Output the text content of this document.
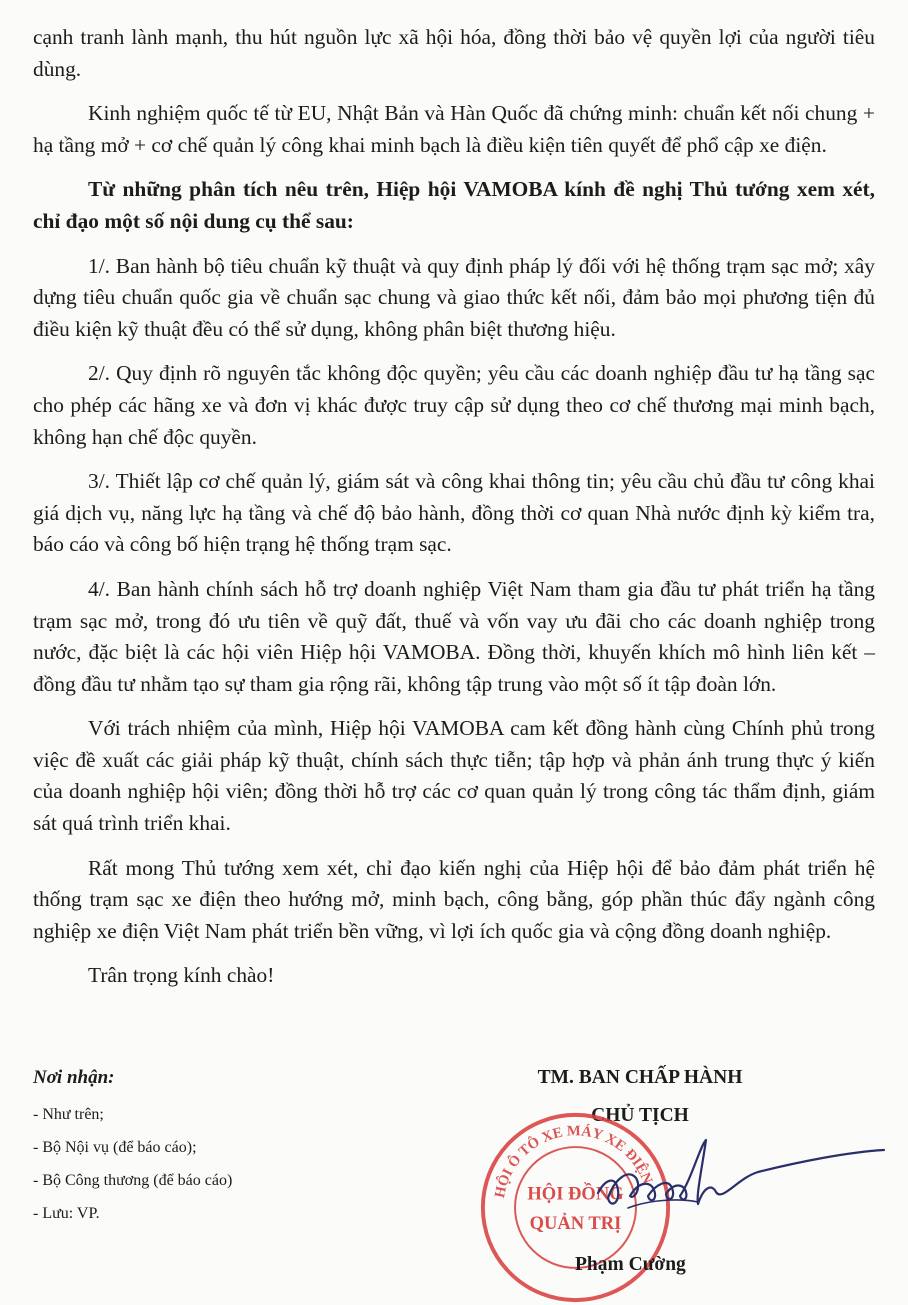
cạnh tranh lành mạnh, thu hút nguồn lực xã hội hóa, đồng thời bảo vệ quyền lợi của người tiêu dùng.

Kinh nghiệm quốc tế từ EU, Nhật Bản và Hàn Quốc đã chứng minh: chuẩn kết nối chung + hạ tầng mở + cơ chế quản lý công khai minh bạch là điều kiện tiên quyết để phổ cập xe điện.

Từ những phân tích nêu trên, Hiệp hội VAMOBA kính đề nghị Thủ tướng xem xét, chỉ đạo một số nội dung cụ thể sau:

1/. Ban hành bộ tiêu chuẩn kỹ thuật và quy định pháp lý đối với hệ thống trạm sạc mở; xây dựng tiêu chuẩn quốc gia về chuẩn sạc chung và giao thức kết nối, đảm bảo mọi phương tiện đủ điều kiện kỹ thuật đều có thể sử dụng, không phân biệt thương hiệu.

2/. Quy định rõ nguyên tắc không độc quyền; yêu cầu các doanh nghiệp đầu tư hạ tầng sạc cho phép các hãng xe và đơn vị khác được truy cập sử dụng theo cơ chế thương mại minh bạch, không hạn chế độc quyền.

3/. Thiết lập cơ chế quản lý, giám sát và công khai thông tin; yêu cầu chủ đầu tư công khai giá dịch vụ, năng lực hạ tầng và chế độ bảo hành, đồng thời cơ quan Nhà nước định kỳ kiểm tra, báo cáo và công bố hiện trạng hệ thống trạm sạc.

4/. Ban hành chính sách hỗ trợ doanh nghiệp Việt Nam tham gia đầu tư phát triển hạ tầng trạm sạc mở, trong đó ưu tiên về quỹ đất, thuế và vốn vay ưu đãi cho các doanh nghiệp trong nước, đặc biệt là các hội viên Hiệp hội VAMOBA. Đồng thời, khuyến khích mô hình liên kết – đồng đầu tư nhằm tạo sự tham gia rộng rãi, không tập trung vào một số ít tập đoàn lớn.

Với trách nhiệm của mình, Hiệp hội VAMOBA cam kết đồng hành cùng Chính phủ trong việc đề xuất các giải pháp kỹ thuật, chính sách thực tiễn; tập hợp và phản ánh trung thực ý kiến của doanh nghiệp hội viên; đồng thời hỗ trợ các cơ quan quản lý trong công tác thẩm định, giám sát quá trình triển khai.

Rất mong Thủ tướng xem xét, chỉ đạo kiến nghị của Hiệp hội để bảo đảm phát triển hệ thống trạm sạc xe điện theo hướng mở, minh bạch, công bằng, góp phần thúc đẩy ngành công nghiệp xe điện Việt Nam phát triển bền vững, vì lợi ích quốc gia và cộng đồng doanh nghiệp.

Trân trọng kính chào!

Nơi nhận:
- Như trên;
- Bộ Nội vụ (để báo cáo);
- Bộ Công thương (để báo cáo)
- Lưu: VP.
TM. BAN CHẤP HÀNH
CHỦ TỊCH
HỘI Ô TÔ XE MÁY XE ĐIỆN
HỘI ĐỒNG
QUẢN TRỊ
Phạm Cường
